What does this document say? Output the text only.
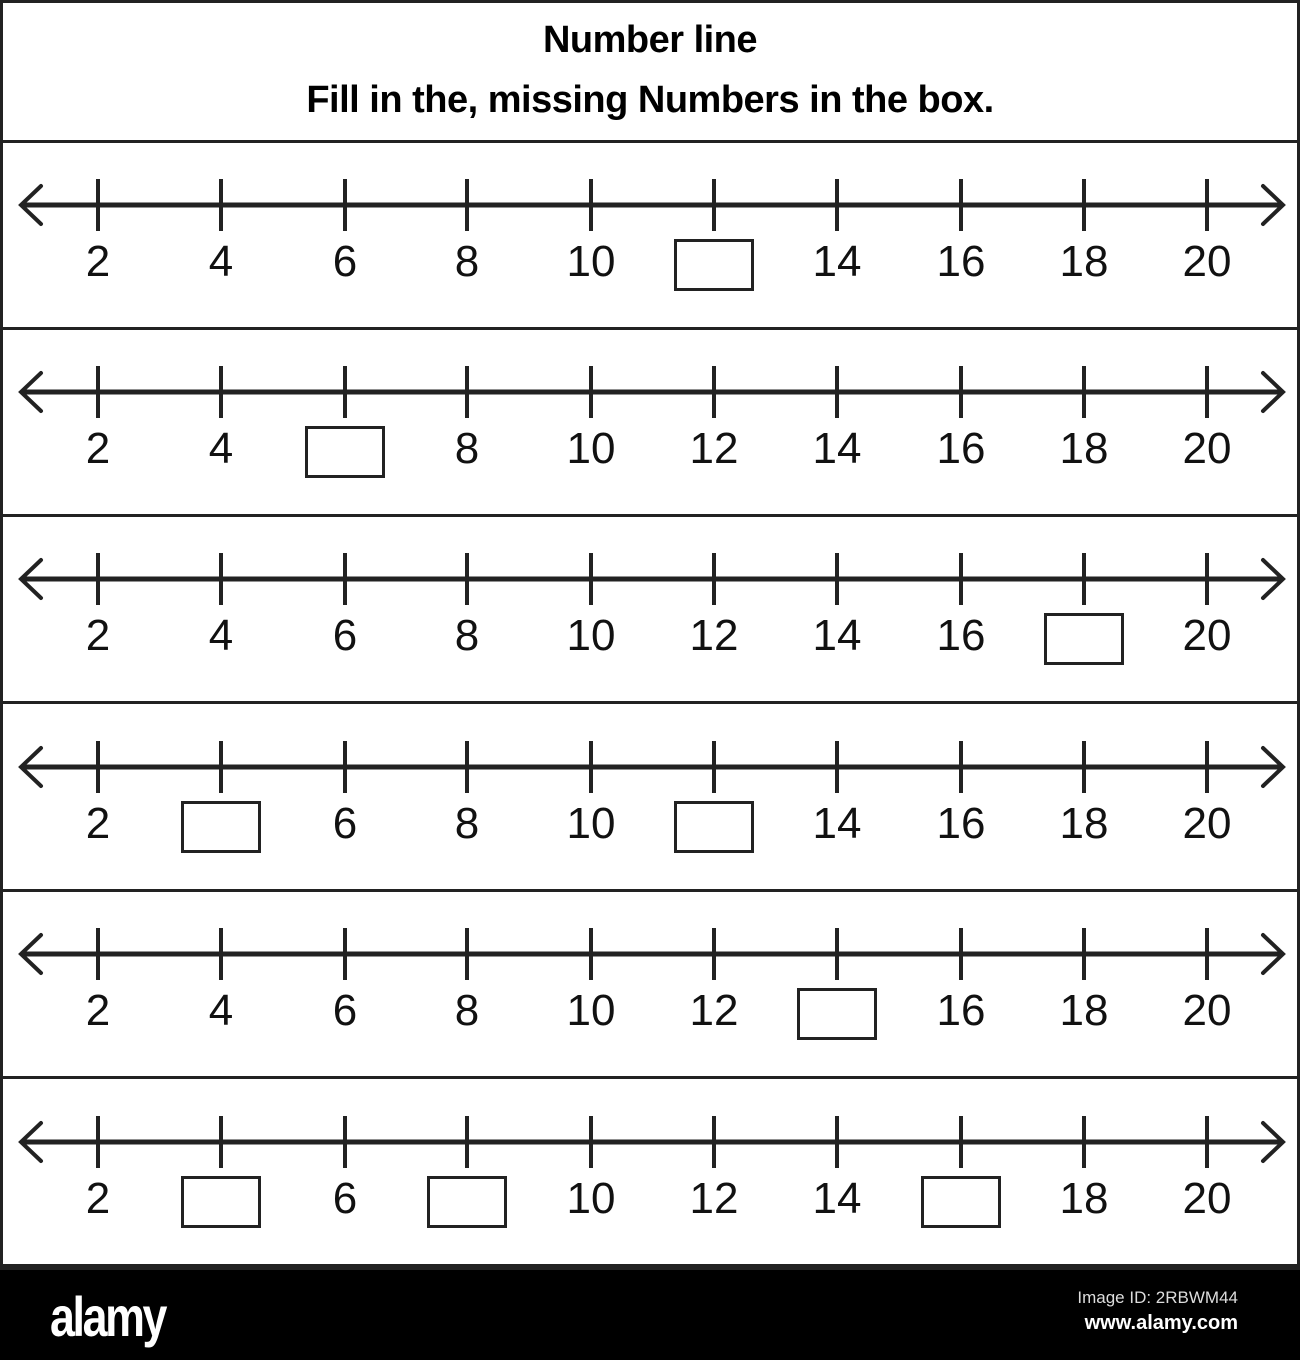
Number line
Fill in the, missing Numbers in the box.
2 4 6 8 10	14 16 18 20
2 4	8 10 12 14 16 18 20
2 4 6 8 10 12 14 16	20
2	6 8 10	14 16 18 20
2 4 6 8 10 12	16 18 20
2	6	10 12 14	18 20
alamy	Image ID: 2RBWM44
www.alamy.com
